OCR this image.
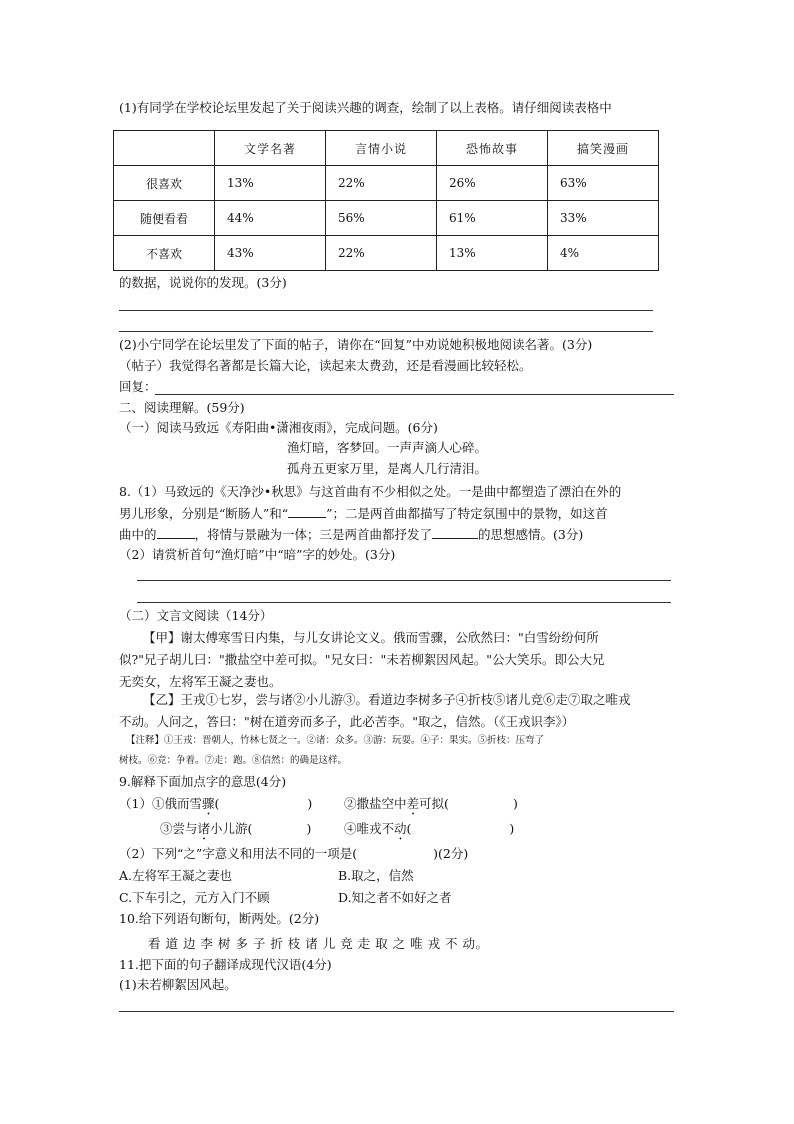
(1)有同学在学校论坛里发起了关于阅读兴趣的调查，绘制了以上表格。请仔细阅读表格中
	文学名著	言情小说	恐怖故事	搞笑漫画
很喜欢	13%	22%	26%	63%
随便看看	44%	56%	61%	33%
不喜欢	43%	22%	13%	4%
的数据，说说你的发现。(3分)
(2)小宁同学在论坛里发了下面的帖子，请你在“回复”中劝说她积极地阅读名著。(3分)
（帖子）我觉得名著都是长篇大论，读起来太费劲，还是看漫画比较轻松。
回复：
二、阅读理解。(59分)
（一）阅读马致远《寿阳曲•潇湘夜雨》，完成问题。(6分)
渔灯暗，客梦回。一声声滴人心碎。
孤舟五更家万里，是离人几行清泪。
8.（1）马致远的《天净沙•秋思》与这首曲有不少相似之处。一是曲中都塑造了漂泊在外的
男儿形象，分别是“断肠人”和“	”；二是两首曲都描写了特定氛围中的景物，如这首
曲中的	，将情与景融为一体；三是两首曲都抒发了	的思想感情。(3分)
（2）请赏析首句“渔灯暗”中“暗”字的妙处。(3分)
（二）文言文阅读（14分）
【甲】谢太傅寒雪日内集，与儿女讲论文义。俄而雪骤，公欣然曰："白雪纷纷何所
似?"兄子胡儿曰："撒盐空中差可拟。"兄女曰："未若柳絮因风起。"公大笑乐。即公大兄
无奕女，左将军王凝之妻也。
【乙】王戎①七岁，尝与诸②小儿游③。看道边李树多子④折枝⑤诸儿竞⑥走⑦取之唯戎
不动。人问之，答曰："树在道旁而多子，此必苦李。"取之，信然。（《王戎识李》）
【注释】①王戎：晋朝人，竹林七贤之一。②诸：众多。③游：玩耍。④子：果实。⑤折枝：压弯了
树枝。⑥竞：争着。⑦走：跑。⑧信然：的确是这样。
9.解释下面加点字的意思(4分)
（1）①俄而雪骤(	)	②撒盐空中差可拟(	)
③尝与诸小儿游(	)	④唯戎不动(	)
（2）下列“之”字意义和用法不同的一项是(	)(2分)
A.左将军王凝之妻也	B.取之，信然
C.下车引之，元方入门不顾	D.知之者不如好之者
10.给下列语句断句，断两处。(2分)
看 道 边 李 树 多 子 折 枝 诸 儿 竞 走 取 之 唯 戎 不 动。
11.把下面的句子翻译成现代汉语(4分)
(1)未若柳絮因风起。
